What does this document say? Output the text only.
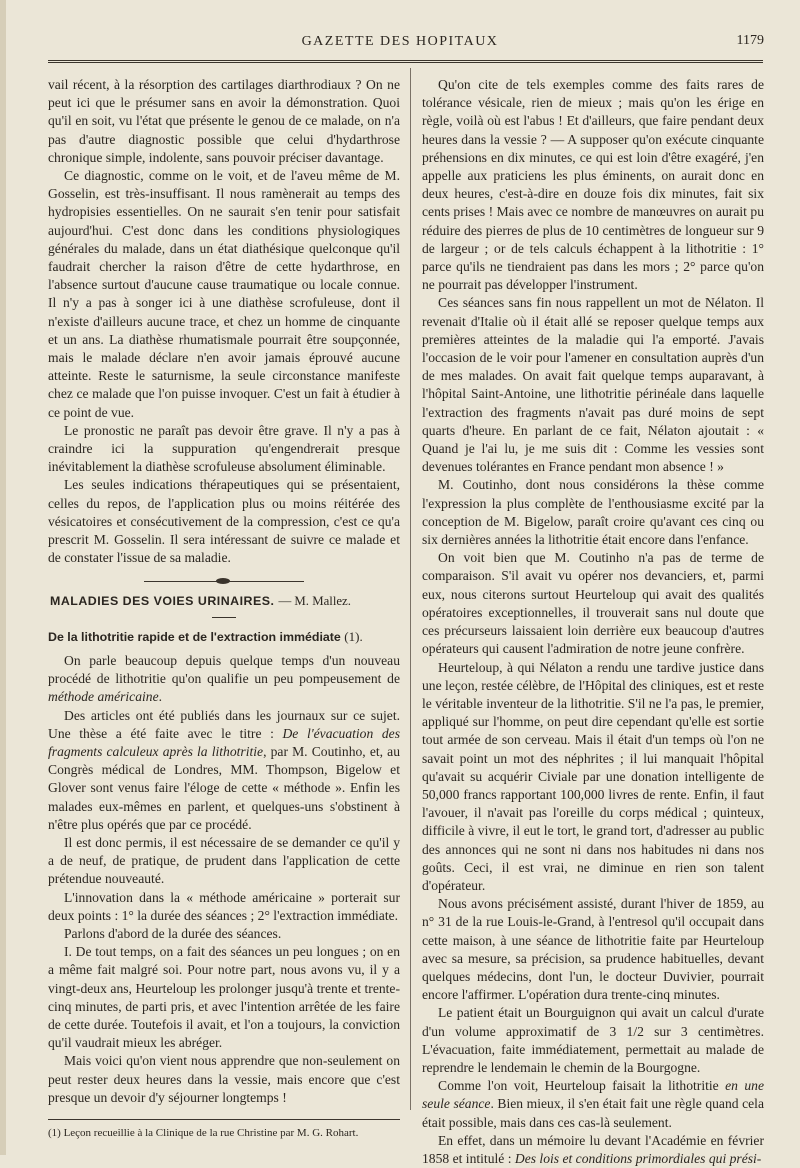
GAZETTE DES HOPITAUX	1179

vail récent, à la résorption des cartilages diarthrodiaux ? On ne peut ici que le présumer sans en avoir la démonstration. Quoi qu'il en soit, vu l'état que présente le genou de ce malade, on n'a pas d'autre diagnostic possible que celui d'hydarthrose chronique simple, indolente, sans pouvoir préciser davantage.

Ce diagnostic, comme on le voit, et de l'aveu même de M. Gosselin, est très-insuffisant. Il nous ramènerait au temps des hydropisies essentielles. On ne saurait s'en tenir pour satisfait aujourd'hui. C'est donc dans les conditions physiologiques générales du malade, dans un état diathésique quelconque qu'il faudrait chercher la raison d'être de cette hydarthrose, en l'absence surtout d'aucune cause traumatique ou locale connue. Il n'y a pas à songer ici à une diathèse scrofuleuse, dont il n'existe d'ailleurs aucune trace, et chez un homme de cinquante et un ans. La diathèse rhumatismale pourrait être soupçonnée, mais le malade déclare n'en avoir jamais éprouvé aucune atteinte. Reste le saturnisme, la seule circonstance manifeste chez ce malade que l'on puisse invoquer. C'est un fait à étudier à ce point de vue.

Le pronostic ne paraît pas devoir être grave. Il n'y a pas à craindre ici la suppuration qu'engendrerait presque inévitablement la diathèse scrofuleuse absolument éliminable.

Les seules indications thérapeutiques qui se présentaient, celles du repos, de l'application plus ou moins réitérée des vésicatoires et consécutivement de la compression, c'est ce qu'a prescrit M. Gosselin. Il sera intéressant de suivre ce malade et de constater l'issue de sa maladie.

MALADIES DES VOIES URINAIRES. — M. Mallez.
De la lithotritie rapide et de l'extraction immédiate (1).

On parle beaucoup depuis quelque temps d'un nouveau procédé de lithotritie qu'on qualifie un peu pompeusement de méthode américaine.

Des articles ont été publiés dans les journaux sur ce sujet. Une thèse a été faite avec le titre : De l'évacuation des fragments calculeux après la lithotritie, par M. Coutinho, et, au Congrès médical de Londres, MM. Thompson, Bigelow et Glover sont venus faire l'éloge de cette « méthode ». Enfin les malades eux-mêmes en parlent, et quelques-uns s'obstinent à n'être plus opérés que par ce procédé.

Il est donc permis, il est nécessaire de se demander ce qu'il y a de neuf, de pratique, de prudent dans l'application de cette prétendue nouveauté.

L'innovation dans la « méthode américaine » porterait sur deux points : 1° la durée des séances ; 2° l'extraction immédiate.

Parlons d'abord de la durée des séances.

I. De tout temps, on a fait des séances un peu longues ; on en a même fait malgré soi. Pour notre part, nous avons vu, il y a vingt-deux ans, Heurteloup les prolonger jusqu'à trente et trente-cinq minutes, de parti pris, et avec l'intention arrêtée de les faire de cette durée. Toutefois il avait, et l'on a toujours, la conviction qu'il vaudrait mieux les abréger.

Mais voici qu'on vient nous apprendre que non-seulement on peut rester deux heures dans la vessie, mais encore que c'est presque un devoir d'y séjourner longtemps !

(1) Leçon recueillie à la Clinique de la rue Christine par M. G. Rohart.

Qu'on cite de tels exemples comme des faits rares de tolérance vésicale, rien de mieux ; mais qu'on les érige en règle, voilà où est l'abus ! Et d'ailleurs, que faire pendant deux heures dans la vessie ? — A supposer qu'on exécute cinquante préhensions en dix minutes, ce qui est loin d'être exagéré, j'en appelle aux praticiens les plus éminents, on aurait donc en deux heures, c'est-à-dire en douze fois dix minutes, fait six cents prises ! Mais avec ce nombre de manœuvres on aurait pu réduire des pierres de plus de 10 centimètres de longueur sur 9 de largeur ; or de tels calculs échappent à la lithotritie : 1° parce qu'ils ne tiendraient pas dans les mors ; 2° parce qu'on ne pourrait pas développer l'instrument.

Ces séances sans fin nous rappellent un mot de Nélaton. Il revenait d'Italie où il était allé se reposer quelque temps aux premières atteintes de la maladie qui l'a emporté. J'avais l'occasion de le voir pour l'amener en consultation auprès d'un de mes malades. On avait fait quelque temps auparavant, à l'hôpital Saint-Antoine, une lithotritie périnéale dans laquelle l'extraction des fragments n'avait pas duré moins de sept quarts d'heure. En parlant de ce fait, Nélaton ajoutait : « Quand je l'ai lu, je me suis dit : Comme les vessies sont devenues tolérantes en France pendant mon absence ! »

M. Coutinho, dont nous considérons la thèse comme l'expression la plus complète de l'enthousiasme excité par la conception de M. Bigelow, paraît croire qu'avant ces cinq ou six dernières années la lithotritie était encore dans l'enfance.

On voit bien que M. Coutinho n'a pas de terme de comparaison. S'il avait vu opérer nos devanciers, et, parmi eux, nous citerons surtout Heurteloup qui avait des qualités opératoires exceptionnelles, il trouverait sans nul doute que ces précurseurs laissaient loin derrière eux beaucoup d'autres opérateurs qui causent l'admiration de notre jeune confrère.

Heurteloup, à qui Nélaton a rendu une tardive justice dans une leçon, restée célèbre, de l'Hôpital des cliniques, est et reste le véritable inventeur de la lithotritie. S'il ne l'a pas, le premier, appliqué sur l'homme, on peut dire cependant qu'elle est sortie tout armée de son cerveau. Mais il était d'un temps où l'on ne savait point un mot des néphrites ; il lui manquait l'hôpital qu'avait su acquérir Civiale par une donation intelligente de 50,000 francs rapportant 100,000 livres de rente. Enfin, il faut l'avouer, il n'avait pas l'oreille du corps médical ; quinteux, difficile à vivre, il eut le tort, le grand tort, d'adresser au public des annonces qui ne sont ni dans nos habitudes ni dans nos goûts. Ceci, il est vrai, ne diminue en rien son talent d'opérateur.

Nous avons précisément assisté, durant l'hiver de 1859, au n° 31 de la rue Louis-le-Grand, à l'entresol qu'il occupait dans cette maison, à une séance de lithotritie faite par Heurteloup avec sa mesure, sa précision, sa prudence habituelles, devant quelques médecins, dont l'un, le docteur Duvivier, pourrait encore l'affirmer. L'opération dura trente-cinq minutes.

Le patient était un Bourguignon qui avait un calcul d'urate d'un volume approximatif de 3 1/2 sur 3 centimètres. L'évacuation, faite immédiatement, permettait au malade de reprendre le lendemain le chemin de la Bourgogne.

Comme l'on voit, Heurteloup faisait la lithotritie en une seule séance. Bien mieux, il s'en était fait une règle quand cela était possible, mais dans ces cas-là seulement.

En effet, dans un mémoire lu devant l'Académie en février 1858 et intitulé : Des lois et conditions primordiales qui prési-
